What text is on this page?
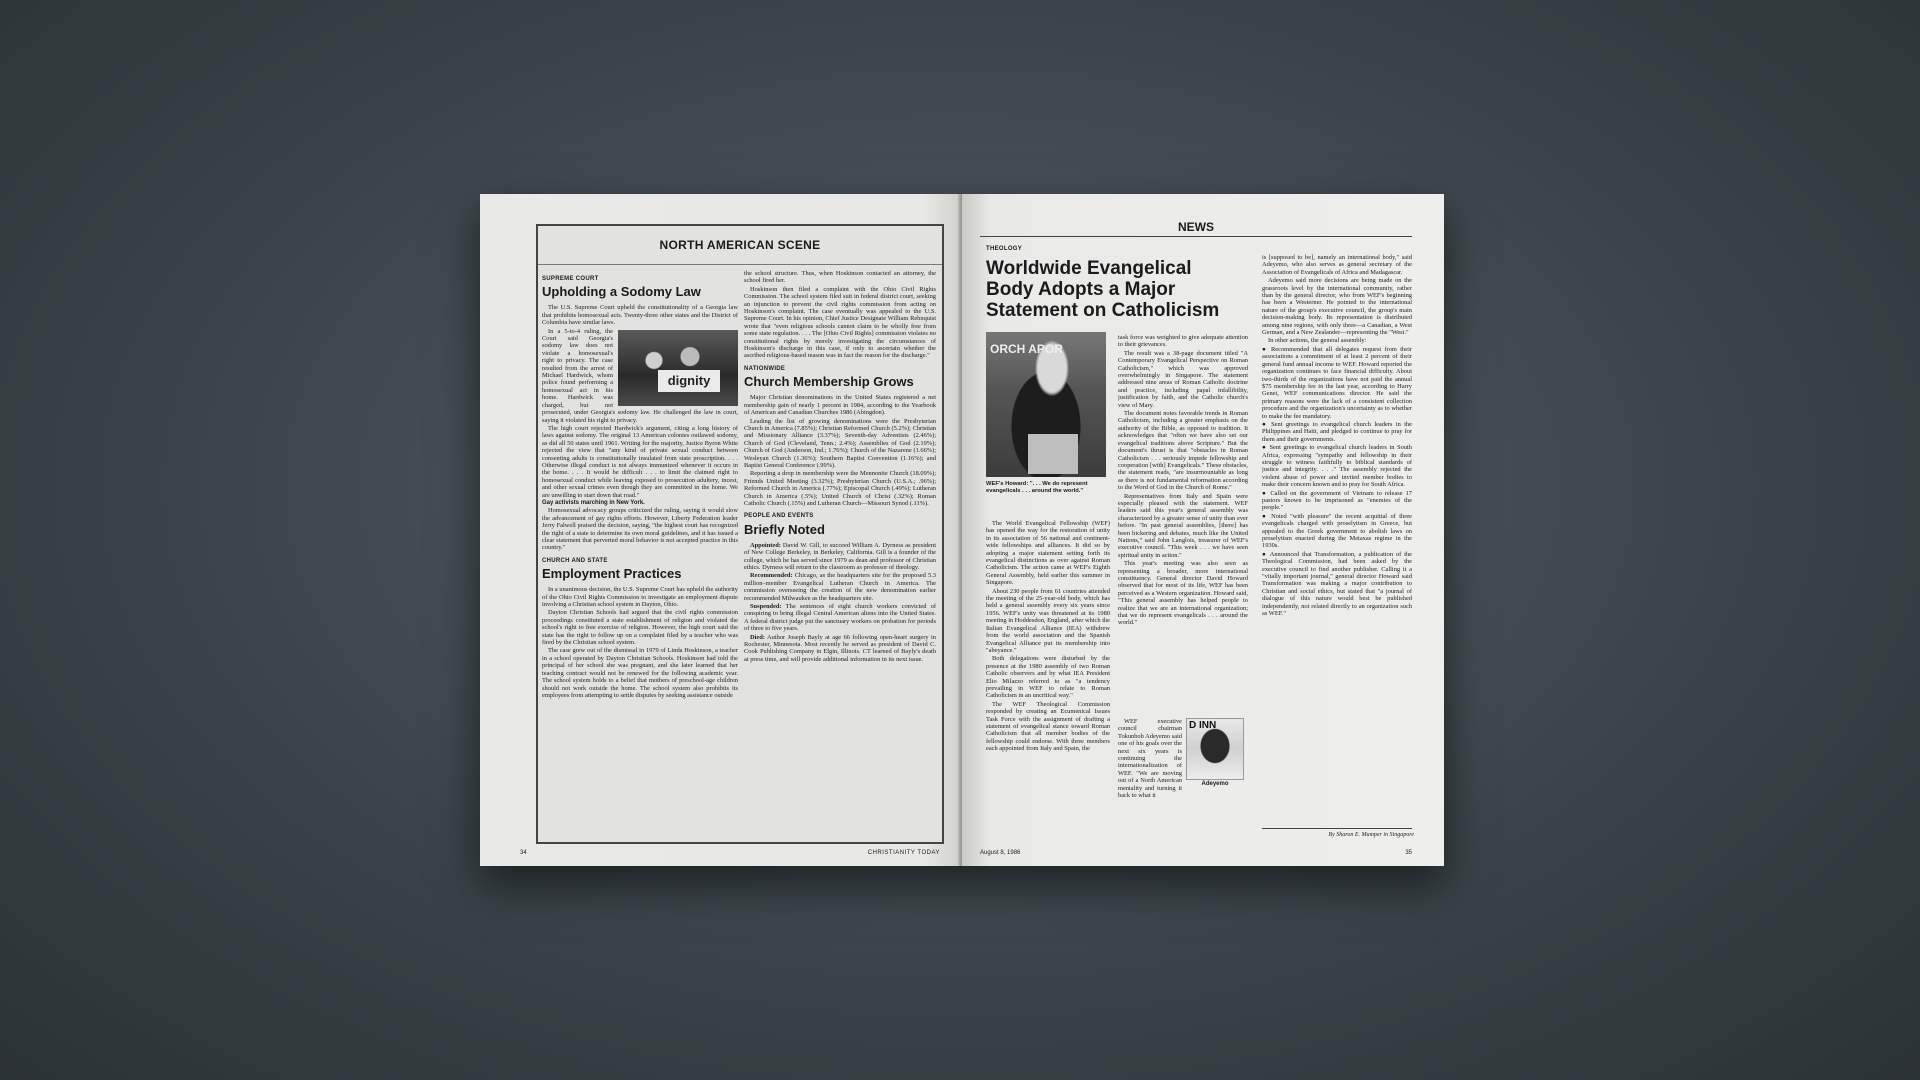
NORTH AMERICAN SCENE
SUPREME COURT
Upholding a Sodomy Law

The U.S. Supreme Court upheld the constitutionality of a Georgia law that prohibits homosexual acts. Twenty-three other states and the District of Columbia have similar laws.

dignity

In a 5-to-4 ruling, the Court said Georgia's sodomy law does not violate a homosexual's right to privacy. The case resulted from the arrest of Michael Hardwick, whom police found performing a homosexual act in his home. Hardwick was charged, but not prosecuted, under Georgia's sodomy law. He challenged the law in court, saying it violated his right to privacy.

The high court rejected Hardwick's argument, citing a long history of laws against sodomy. The original 13 American colonies outlawed sodomy, as did all 50 states until 1961. Writing for the majority, Justice Byron White rejected the view that "any kind of private sexual conduct between consenting adults is constitutionally insulated from state proscription. . . . Otherwise illegal conduct is not always immunized whenever it occurs in the home. . . . It would be difficult . . . to limit the claimed right to homosexual conduct while leaving exposed to prosecution adultery, incest, and other sexual crimes even though they are committed in the home. We are unwilling to start down that road."

Gay activists marching in New York.

Homosexual advocacy groups criticized the ruling, saying it would slow the advancement of gay rights efforts. However, Liberty Federation leader Jerry Falwell praised the decision, saying, "the highest court has recognized the right of a state to determine its own moral guidelines, and it has issued a clear statement that perverted moral behavior is not accepted practice in this country."

CHURCH AND STATE
Employment Practices

In a unanimous decision, the U.S. Supreme Court has upheld the authority of the Ohio Civil Rights Commission to investigate an employment dispute involving a Christian school system in Dayton, Ohio.

Dayton Christian Schools had argued that the civil rights commission proceedings constituted a state establishment of religion and violated the school's right to free exercise of religion. However, the high court said the state has the right to follow up on a complaint filed by a teacher who was fired by the Christian school system.

The case grew out of the dismissal in 1979 of Linda Hoskinson, a teacher in a school operated by Dayton Christian Schools. Hoskinson had told the principal of her school she was pregnant, and she later learned that her teaching contract would not be renewed for the following academic year. The school system holds to a belief that mothers of preschool-age children should not work outside the home. The school system also prohibits its employees from attempting to settle disputes by seeking assistance outside

the school structure. Thus, when Hoskinson contacted an attorney, the school fired her.

Hoskinson then filed a complaint with the Ohio Civil Rights Commission. The school system filed suit in federal district court, seeking an injunction to prevent the civil rights commission from acting on Hoskinson's complaint. The case eventually was appealed to the U.S. Supreme Court. In his opinion, Chief Justice Designate William Rehnquist wrote that "even religious schools cannot claim to be wholly free from some state regulation. . . . The [Ohio Civil Rights] commission violates no constitutional rights by merely investigating the circumstances of Hoskinson's discharge in this case, if only to ascertain whether the ascribed religious-based reason was in fact the reason for the discharge."

NATIONWIDE
Church Membership Grows

Major Christian denominations in the United States registered a net membership gain of nearly 1 percent in 1984, according to the Yearbook of American and Canadian Churches 1986 (Abingdon).

Leading the list of growing denominations were the Presbyterian Church in America (7.85%); Christian Reformed Church (5.2%); Christian and Missionary Alliance (3.37%); Seventh-day Adventists (2.46%); Church of God (Cleveland, Tenn.; 2.4%); Assemblies of God (2.19%); Church of God (Anderson, Ind.; 1.76%); Church of the Nazarene (1.66%); Wesleyan Church (1.36%); Southern Baptist Convention (1.16%); and Baptist General Conference (.99%).

Reporting a drop in membership were the Mennonite Church (18.09%); Friends United Meeting (3.32%); Presbyterian Church (U.S.A.; .96%); Reformed Church in America (.77%); Episcopal Church (.49%); Lutheran Church in America (.5%); United Church of Christ (.32%); Roman Catholic Church (.15%) and Lutheran Church—Missouri Synod (.11%).

PEOPLE AND EVENTS
Briefly Noted

Appointed: David W. Gill, to succeed William A. Dyrness as president of New College Berkeley, in Berkeley, California. Gill is a founder of the college, which he has served since 1979 as dean and professor of Christian ethics. Dyrness will return to the classroom as professor of theology.

Recommended: Chicago, as the headquarters site for the proposed 5.3 million–member Evangelical Lutheran Church in America. The commission overseeing the creation of the new denomination earlier recommended Milwaukee as the headquarters site.

Suspended: The sentences of eight church workers convicted of conspiring to bring illegal Central American aliens into the United States. A federal district judge put the sanctuary workers on probation for periods of three to five years.

Died: Author Joseph Bayly at age 66 following open-heart surgery in Rochester, Minnesota. Most recently he served as president of David C. Cook Publishing Company in Elgin, Illinois. CT learned of Bayly's death at press time, and will provide additional information in its next issue.

34	CHRISTIANITY TODAY
NEWS
THEOLOGY
Worldwide Evangelical Body Adopts a Major Statement on Catholicism
ORCH APOR
WEF's Howard: ". . . We do represent evangelicals . . . around the world."

The World Evangelical Fellowship (WEF) has opened the way for the restoration of unity in its association of 56 national and continent-wide fellowships and alliances. It did so by adopting a major statement setting forth its evangelical distinctions as over against Roman Catholicism. The action came at WEF's Eighth General Assembly, held earlier this summer in Singapore.

About 230 people from 61 countries attended the meeting of the 25-year-old body, which has held a general assembly every six years since 1956. WEF's unity was threatened at its 1980 meeting in Hoddesdon, England, after which the Italian Evangelical Alliance (IEA) withdrew from the world association and the Spanish Evangelical Alliance put its membership into "abeyance."

Both delegations were disturbed by the presence at the 1980 assembly of two Roman Catholic observers and by what IEA President Elio Milazzo referred to as "a tendency prevailing in WEF to relate to Roman Catholicism in an uncritical way."

The WEF Theological Commission responded by creating an Ecumenical Issues Task Force with the assignment of drafting a statement of evangelical stance toward Roman Catholicism that all member bodies of the fellowship could endorse. With three members each appointed from Italy and Spain, the

task force was weighted to give adequate attention to their grievances.

The result was a 38-page document titled "A Contemporary Evangelical Perspective on Roman Catholicism," which was approved overwhelmingly in Singapore. The statement addressed nine areas of Roman Catholic doctrine and practice, including papal infallibility, justification by faith, and the Catholic church's view of Mary.

The document notes favorable trends in Roman Catholicism, including a greater emphasis on the authority of the Bible, as opposed to tradition. It acknowledges that "often we have also set our evangelical traditions above Scripture." But the document's thrust is that "obstacles in Roman Catholicism . . . seriously impede fellowship and cooperation [with] Evangelicals." These obstacles, the statement reads, "are insurmountable as long as there is not fundamental reformation according to the Word of God in the Church of Rome."

Representatives from Italy and Spain were especially pleased with the statement. WEF leaders said this year's general assembly was characterized by a greater sense of unity than ever before. "In past general assemblies, [there] has been bickering and debates, much like the United Nations," said John Langlois, treasurer of WEF's executive council. "This week . . . we have seen spiritual unity in action."

This year's meeting was also seen as representing a broader, more international constituency. General director David Howard observed that for most of its life, WEF has been perceived as a Western organization. Howard said, "This general assembly has helped people to realize that we are an international organization; that we do represent evangelicals . . . around the world."

WEF executive council chairman Tokunboh Adeyemo said one of his goals over the next six years is continuing the internationalization of WEF. "We are moving out of a North American mentality and turning it back to what it

D INN
Adeyemo

is [supposed to be], namely an international body," said Adeyemo, who also serves as general secretary of the Association of Evangelicals of Africa and Madagascar.

Adeyemo said more decisions are being made on the grassroots level by the international community, rather than by the general director, who from WEF's beginning has been a Westerner. He pointed to the international nature of the group's executive council, the group's main decision-making body. Its representation is distributed among nine regions, with only three—a Canadian, a West German, and a New Zealander—representing the "West."

In other actions, the general assembly:

● Recommended that all delegates request from their associations a commitment of at least 2 percent of their general fund annual income to WEF. Howard reported the organization continues to face financial difficulty. About two-thirds of the organizations have not paid the annual $75 membership fee in the last year, according to Harry Genet, WEF communications director. He said the primary reasons were the lack of a consistent collection procedure and the organization's uncertainty as to whether to make the fee mandatory.

● Sent greetings to evangelical church leaders in the Philippines and Haiti, and pledged to continue to pray for them and their governments.

● Sent greetings to evangelical church leaders in South Africa, expressing "sympathy and fellowship in their struggle to witness faithfully to biblical standards of justice and integrity. . . ." The assembly rejected the violent abuse of power and invited member bodies to make their concern known and to pray for South Africa.

● Called on the government of Vietnam to release 17 pastors known to be imprisoned as "enemies of the people."

● Noted "with pleasure" the recent acquittal of three evangelicals charged with proselytism in Greece, but appealed to the Greek government to abolish laws on proselytism enacted during the Metaxas regime in the 1930s.

● Announced that Transformation, a publication of the Theological Commission, had been asked by the executive council to find another publisher. Calling it a "vitally important journal," general director Howard said Transformation was making a major contribution to Christian and social ethics, but stated that "a journal of dialogue of this nature would best be published independently, not related directly to an organization such as WEF."

By Sharon E. Mumper in Singapore
August 8, 1986	35
